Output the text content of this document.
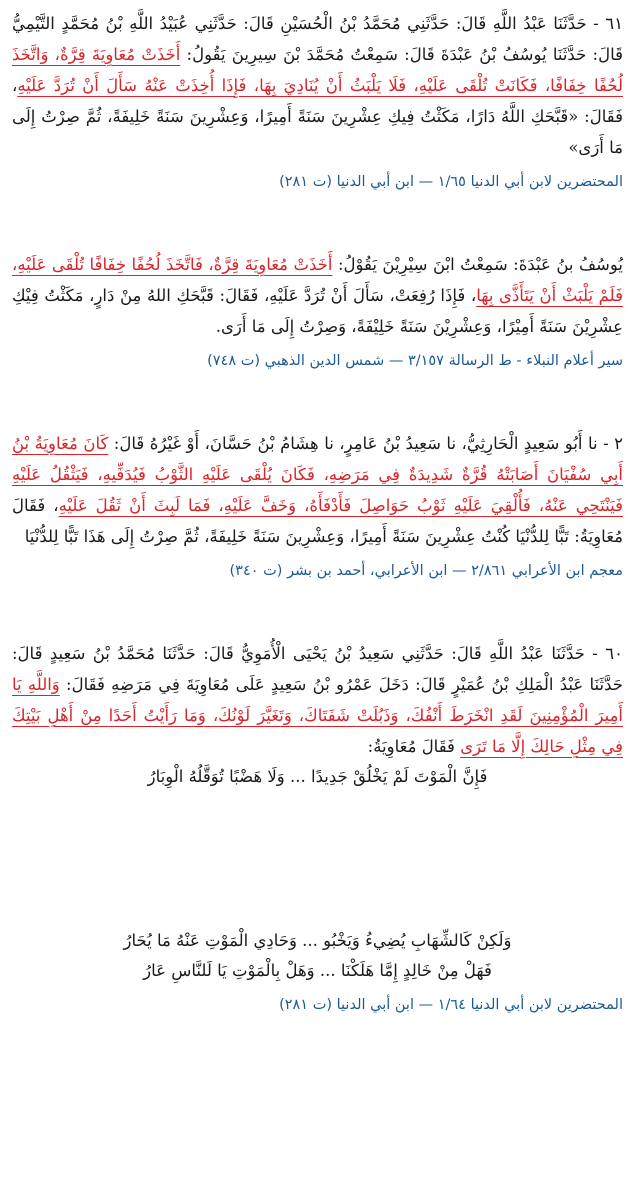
٦١ - حَدَّثَنَا عَبْدُ اللَّهِ قَالَ: حَدَّثَنِي مُحَمَّدُ بْنُ الْحُسَيْنِ قَالَ: حَدَّثَنِي عُبَيْدُ اللَّهِ بْنُ مُحَمَّدٍ التَّيْمِيُّ قَالَ: حَدَّثَنَا يُوسُفُ بْنُ عَبْدَةَ قَالَ: سَمِعْتُ مُحَمَّدَ بْنَ سِيرِينَ يَقُولُ: أَخَذَتْ مُعَاوِيَةَ قِرَّةٌ، وَاتَّخَذَ لُحُفًا خِفَافًا، فَكَانَتْ تُلْقَى عَلَيْهِ، فَلَا يَلْبَثُ أَنْ يُنَادِيَ بِهَا، فَإِذَا أُخِذَتْ عَنْهُ سَأَلَ أَنْ تُرَدَّ عَلَيْهِ، فَقَالَ: «قَبَّحَكِ اللَّهُ دَارًا، مَكَثْتُ فِيكِ عِشْرِينَ سَنَةً أَمِيرًا، وَعِشْرِينَ سَنَةً خَلِيفَةً، ثُمَّ صِرْتُ إِلَى مَا أَرَى»

المحتضرين لابن أبي الدنيا ١/٦٥ — ابن أبي الدنيا (ت ٢٨١)

يُوسُفُ بنُ عَبْدَةَ: سَمِعْتُ ابْنَ سِيْرِيْنَ يَقُوْلُ: أَخَذَتْ مُعَاوِيَةَ قِرَّةٌ، فَاتَّخَذَ لُحُفًا خِفَافًا تُلْقَى عَلَيْهِ، فَلَمْ يَلْبَثْ أَنْ يَتَأَذَّى بِهَا، فَإِذَا رُفِعَتْ، سَأَلَ أَنْ تُرَدَّ عَلَيْهِ، فَقَالَ: قَبَّحَكِ اللهُ مِنْ دَارٍ، مَكَثْتُ فِيْكِ عِشْرِيْنَ سَنَةً أَمِيْرًا، وَعِشْرِيْنَ سَنَةً خَلِيْفَةً، وَصِرْتُ إِلَى مَا أَرَى.

سير أعلام النبلاء - ط الرسالة ٣/١٥٧ — شمس الدين الذهبي (ت ٧٤٨)

٢ - نا أَبُو سَعِيدٍ الْحَارِثِيُّ، نا سَعِيدُ بْنُ عَامِرٍ، نا هِشَامُ بْنُ حَسَّانَ، أَوْ غَيْرُهُ قَالَ: كَانَ مُعَاوِيَةُ بْنُ أَبِي سُفْيَانَ أَصَابَتْهُ قُرَّةٌ شَدِيدَةٌ فِي مَرَضِهِ، فَكَانَ يُلْقَى عَلَيْهِ الثَّوْبُ فَيُدَفِّيهِ، فَيَثْقُلُ عَلَيْهِ فَيَنْتَحِي عَنْهُ، فَأُلْقِيَ عَلَيْهِ ثَوْبُ حَوَاصِلَ فَأَدْفَأَهُ، وَخَفَّ عَلَيْهِ، فَمَا لَبِثَ أَنْ ثَقُلَ عَلَيْهِ، فَقَالَ مُعَاوِيَةُ: تَبًّا لِلدُّنْيَا كُنْتُ عِشْرِينَ سَنَةً أَمِيرًا، وَعِشْرِينَ سَنَةً خَلِيفَةً، ثُمَّ صِرْتُ إِلَى هَذَا تَبًّا لِلدُّنْيَا

معجم ابن الأعرابي ٢/٨٦١ — ابن الأعرابي، أحمد بن بشر (ت ٣٤٠)

٦٠ - حَدَّثَنَا عَبْدُ اللَّهِ قَالَ: حَدَّثَنِي سَعِيدُ بْنُ يَحْيَى الْأُمَوِيُّ قَالَ: حَدَّثَنَا مُحَمَّدُ بْنُ سَعِيدٍ قَالَ: حَدَّثَنَا عَبْدُ الْمَلِكِ بْنُ عُمَيْرٍ قَالَ: دَخَلَ عَمْرُو بْنُ سَعِيدٍ عَلَى مُعَاوِيَةَ فِي مَرَضِهِ فَقَالَ: وَاللَّهِ يَا أَمِيرَ الْمُؤْمِنِينَ لَقَدِ انْخَرَطَ أَنْفُكَ، وَذَبُلَتْ شَفَتَاكَ، وَتَغَيَّرَ لَوْنُكَ، وَمَا رَأَيْتُ أَحَدًا مِنْ أَهْلِ بَيْتِكَ فِي مِثْلِ حَالِكَ إِلَّا مَا تَرَى فَقَالَ مُعَاوِيَةُ:

فَإِنَّ الْمَوْتَ لَمْ يَخْلُقْ جَدِيدًا ... وَلَا هَضْبًا تُوَقَّلُهُ الْوِبَارُ

وَلَكِنْ كَالشِّهَابِ يُضِيءُ وَيَخْبُو ... وَحَادِي الْمَوْتِ عَنْهُ مَا يُحَارُ

فَهَلْ مِنْ خَالِدٍ إِمَّا هَلَكْنَا ... وَهَلْ بِالْمَوْتِ يَا لَلنَّاسِ عَارُ

المحتضرين لابن أبي الدنيا ١/٦٤ — ابن أبي الدنيا (ت ٢٨١)
